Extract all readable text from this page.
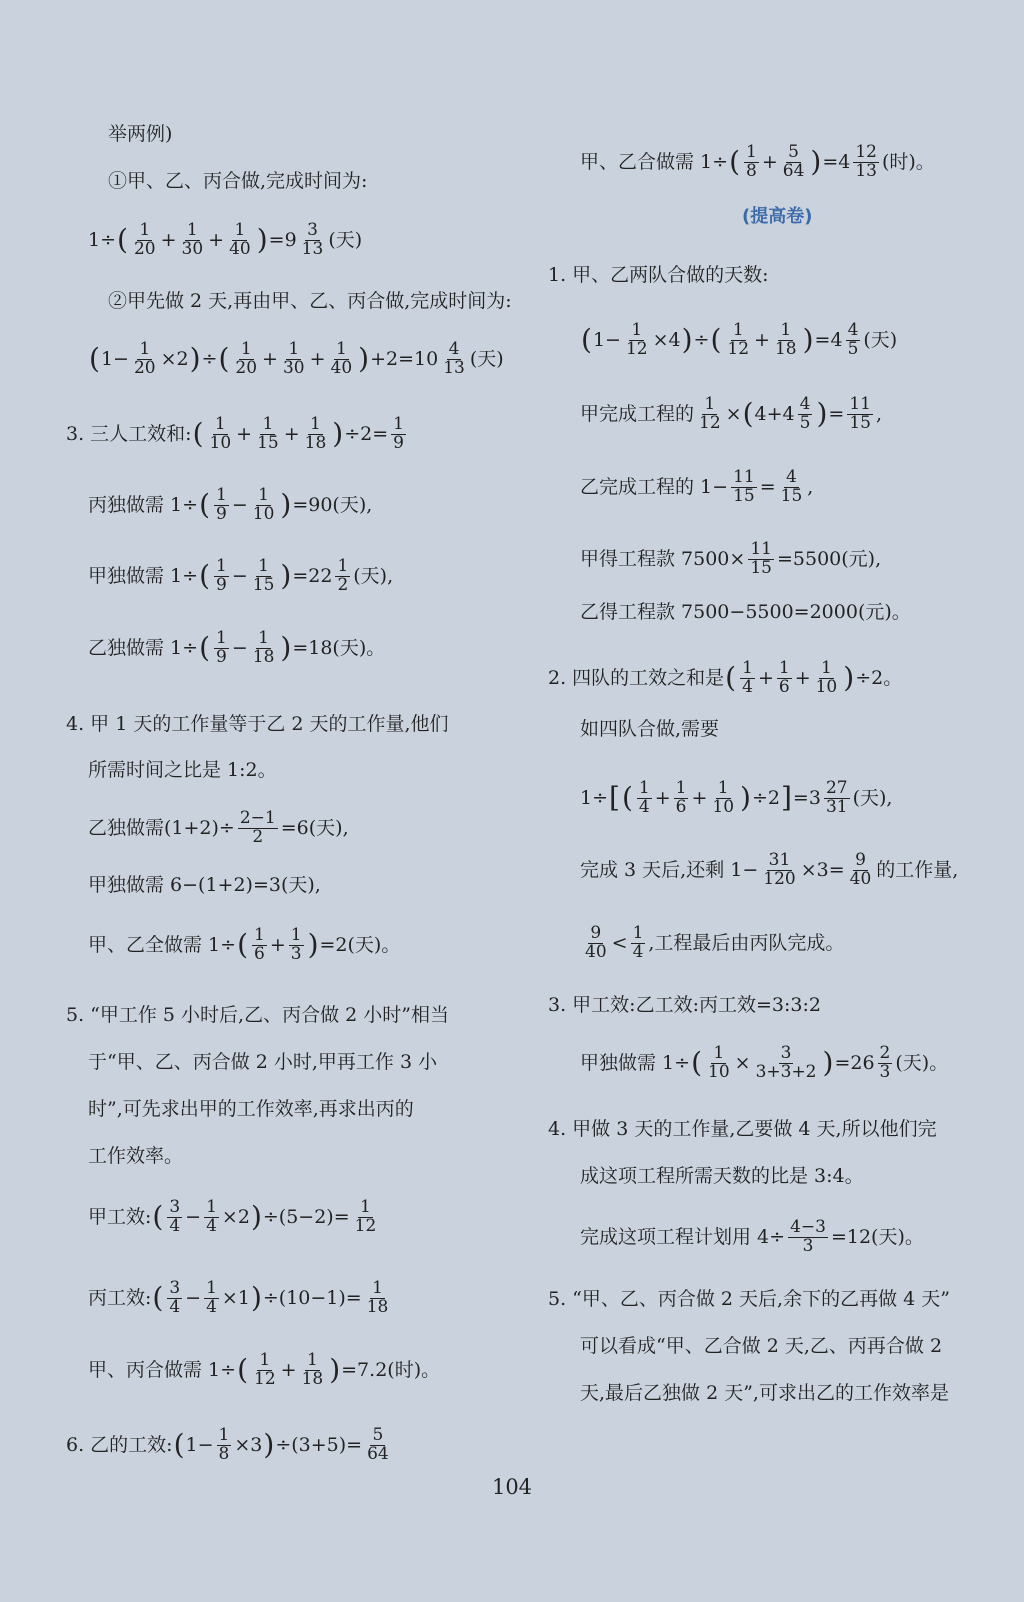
举两例)
①甲、乙、丙合做,完成时间为:
1÷ ( $\frac{1}{20} + \frac{1}{30} + \frac{1}{40}$ ) $=9 \frac{3}{13}$ (天)
②甲先做 2 天,再由甲、乙、丙合做,完成时间为:
( $1- \frac{1}{20} \times 2$ ) ÷ ( $\frac{1}{20} + \frac{1}{30} + \frac{1}{40}$ ) $+2=10 \frac{4}{13}$ (天)
3. 三人工效和: ( $\frac{1}{10} + \frac{1}{15} + \frac{1}{18}$ ) $\div 2= \frac{1}{9}$
丙独做需 1÷ ( $\frac{1}{9} - \frac{1}{10}$ ) =90(天),
甲独做需 1÷ ( $\frac{1}{9} - \frac{1}{15}$ ) $=22 \frac{1}{2}$ (天),
乙独做需 1÷ ( $\frac{1}{9} - \frac{1}{18}$ ) =18(天)。
4. 甲 1 天的工作量等于乙 2 天的工作量,他们
所需时间之比是 1:2。
乙独做需$(1+2)\div \frac{2-1}{2} =6$(天),
甲独做需 6−(1+2)=3(天),
甲、乙全做需 1÷ ( $\frac{1}{6} + \frac{1}{3}$ ) =2(天)。
5. “甲工作 5 小时后,乙、丙合做 2 小时”相当
于“甲、乙、丙合做 2 小时,甲再工作 3 小
时”,可先求出甲的工作效率,再求出丙的
工作效率。
甲工效: ( $\frac{3}{4} - \frac{1}{4} \times 2$ ) $\div(5-2)= \frac{1}{12}$
丙工效: ( $\frac{3}{4} - \frac{1}{4} \times 1$ ) $\div(10-1)= \frac{1}{18}$
甲、丙合做需 1÷ ( $\frac{1}{12} + \frac{1}{18}$ ) =7.2(时)。
6. 乙的工效: ( $1- \frac{1}{8} \times 3$ ) $\div(3+5)= \frac{5}{64}$
甲、乙合做需 1÷ ( $\frac{1}{8} + \frac{5}{64}$ ) $=4 \frac{12}{13}$ (时)。
(提高卷)
1. 甲、乙两队合做的天数:
( $1- \frac{1}{12} \times 4$ ) ÷ ( $\frac{1}{12} + \frac{1}{18}$ ) $=4 \frac{4}{5}$ (天)
甲完成工程的 $\frac{1}{12}$ × ( $4+4 \frac{4}{5}$ ) = $\frac{11}{15}$ ,
乙完成工程的 $1- \frac{11}{15} = \frac{4}{15}$ ,
甲得工程款 $7500\times \frac{11}{15} =5500$(元),
乙得工程款 7500−5500=2000(元)。
2. 四队的工效之和是 ( $\frac{1}{4} + \frac{1}{6} + \frac{1}{10}$ ) ÷2。
如四队合做,需要
1÷ [ ( $\frac{1}{4} + \frac{1}{6} + \frac{1}{10}$ ) ÷2 ] $=3 \frac{27}{31}$ (天),
完成 3 天后,还剩 $1- \frac{31}{120} \times 3= \frac{9}{40}$ 的工作量,
$\frac{9}{40} < \frac{1}{4}$ ,工程最后由丙队完成。
3. 甲工效:乙工效:丙工效=3:3:2
甲独做需 1÷ ( $\frac{1}{10} \times \frac{3}{3+3+2}$ ) $=26 \frac{2}{3}$ (天)。
4. 甲做 3 天的工作量,乙要做 4 天,所以他们完
成这项工程所需天数的比是 3:4。
完成这项工程计划用 $4\div \frac{4-3}{3} =12$(天)。
5. “甲、乙、丙合做 2 天后,余下的乙再做 4 天”
可以看成“甲、乙合做 2 天,乙、丙再合做 2
天,最后乙独做 2 天”,可求出乙的工作效率是
104
